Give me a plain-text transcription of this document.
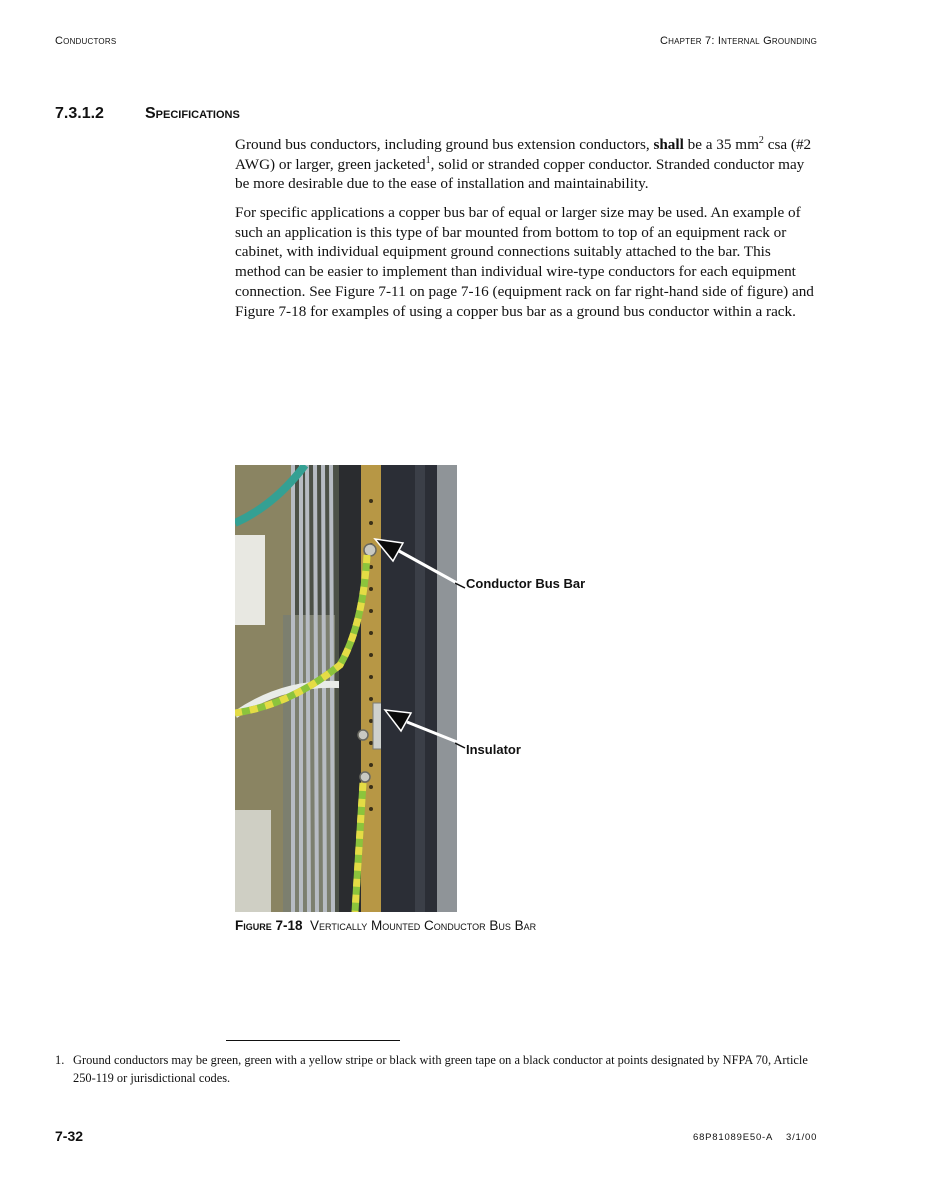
Conductors	Chapter 7: Internal Grounding
7.3.1.2	Specifications
Ground bus conductors, including ground bus extension conductors, shall be a 35 $mm^2$ csa (#2 AWG) or larger, green jacketed$^1$, solid or stranded copper conductor. Stranded conductor may be more desirable due to the ease of installation and maintainability.
For specific applications a copper bus bar of equal or larger size may be used. An example of such an application is this type of bar mounted from bottom to top of an equipment rack or cabinet, with individual equipment ground connections suitably attached to the bar. This method can be easier to implement than individual wire-type conductors for each equipment connection. See Figure 7-11 on page 7-16 (equipment rack on far right-hand side of figure) and Figure 7-18 for examples of using a copper bus bar as a ground bus conductor within a rack.
Conductor Bus Bar
Insulator
Figure 7-18 Vertically Mounted Conductor Bus Bar
1. Ground conductors may be green, green with a yellow stripe or black with green tape on a black conductor at points designated by NFPA 70, Article 250-119 or jurisdictional codes.
7-32	68P81089E50-A 3/1/00
